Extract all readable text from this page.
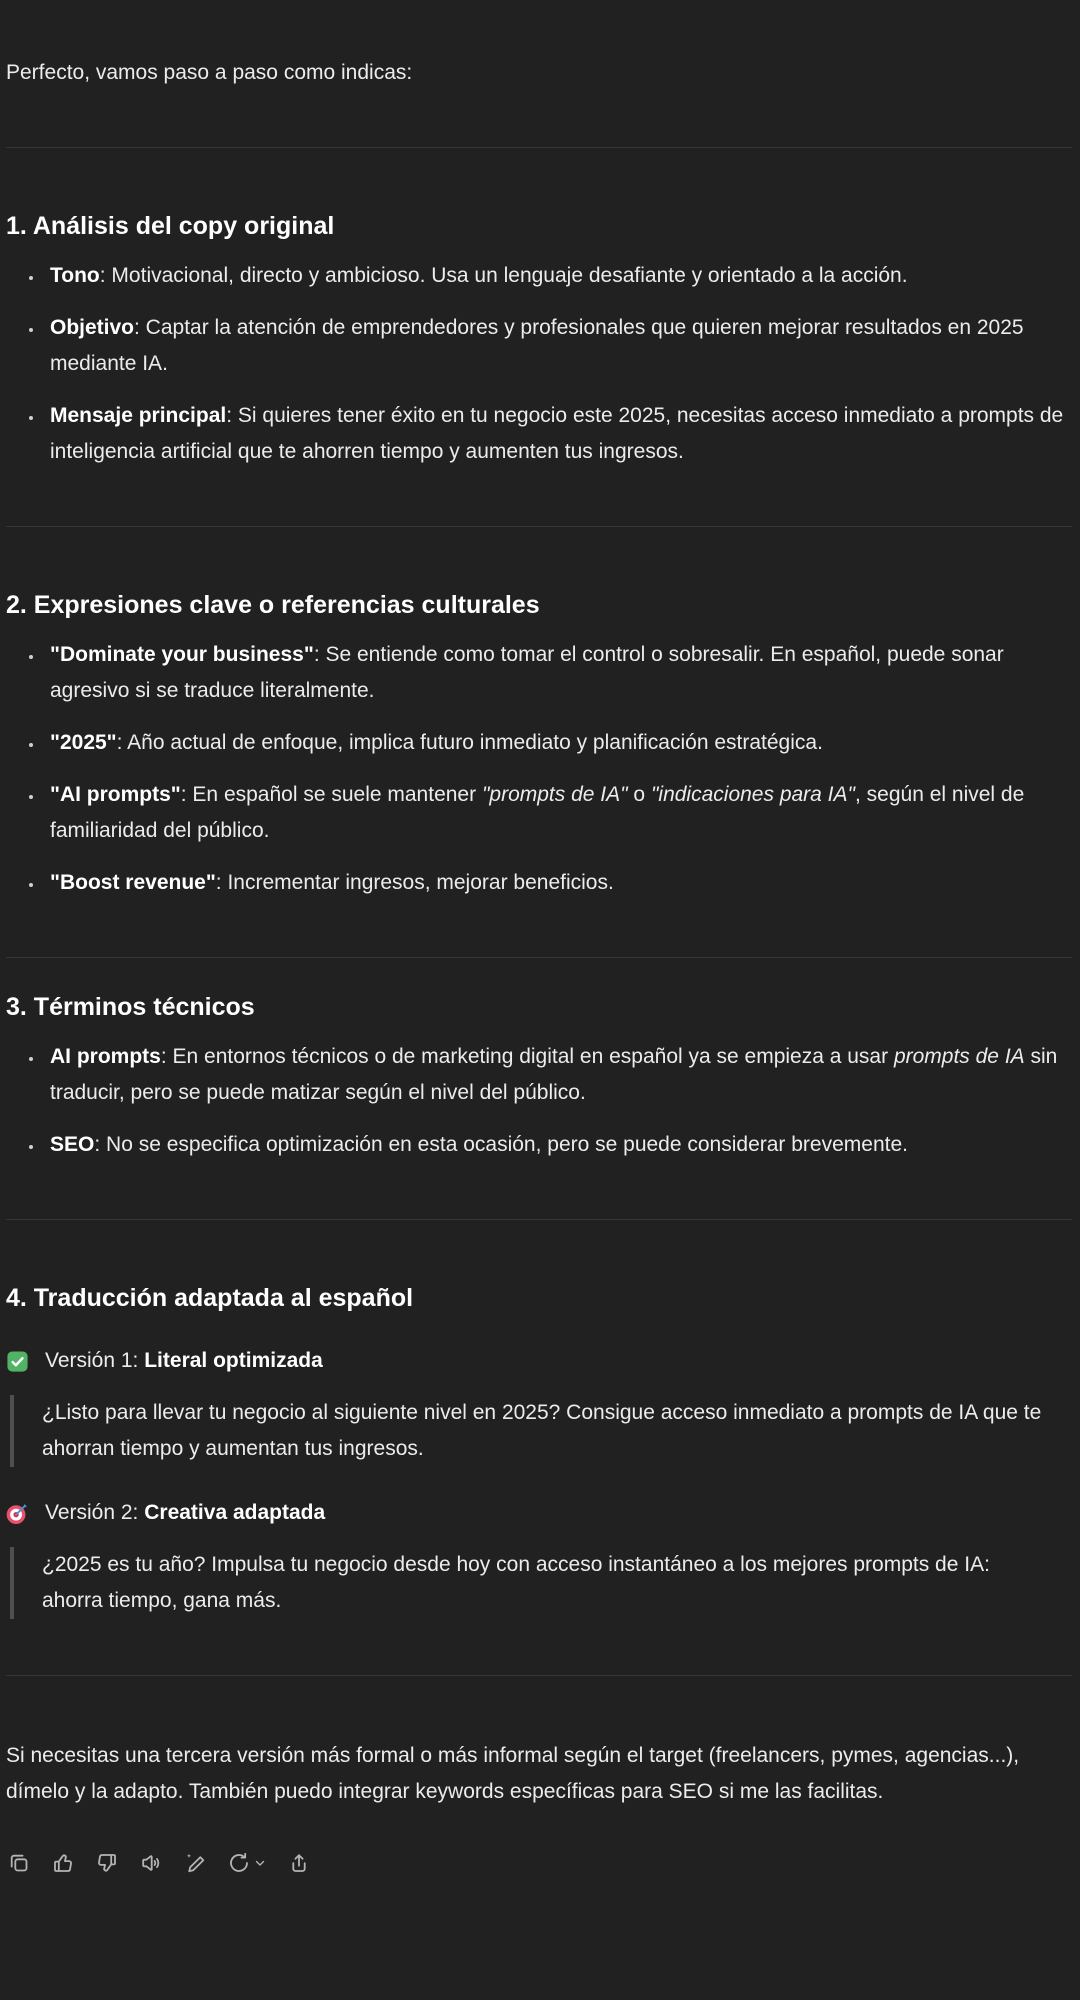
Perfecto, vamos paso a paso como indicas:

1. Análisis del copy original
• Tono: Motivacional, directo y ambicioso. Usa un lenguaje desafiante y orientado a la acción.
• Objetivo: Captar la atención de emprendedores y profesionales que quieren mejorar resultados en 2025 mediante IA.
• Mensaje principal: Si quieres tener éxito en tu negocio este 2025, necesitas acceso inmediato a prompts de inteligencia artificial que te ahorren tiempo y aumenten tus ingresos.
2. Expresiones clave o referencias culturales
• "Dominate your business": Se entiende como tomar el control o sobresalir. En español, puede sonar agresivo si se traduce literalmente.
• "2025": Año actual de enfoque, implica futuro inmediato y planificación estratégica.
• "AI prompts": En español se suele mantener "prompts de IA" o "indicaciones para IA", según el nivel de familiaridad del público.
• "Boost revenue": Incrementar ingresos, mejorar beneficios.
3. Términos técnicos
• AI prompts: En entornos técnicos o de marketing digital en español ya se empieza a usar prompts de IA sin traducir, pero se puede matizar según el nivel del público.
• SEO: No se especifica optimización en esta ocasión, pero se puede considerar brevemente.
4. Traducción adaptada al español

Versión 1: Literal optimizada

¿Listo para llevar tu negocio al siguiente nivel en 2025? Consigue acceso inmediato a prompts de IA que te ahorran tiempo y aumentan tus ingresos.

Versión 2: Creativa adaptada

¿2025 es tu año? Impulsa tu negocio desde hoy con acceso instantáneo a los mejores prompts de IA: ahorra tiempo, gana más.

Si necesitas una tercera versión más formal o más informal según el target (freelancers, pymes, agencias...), dímelo y la adapto. También puedo integrar keywords específicas para SEO si me las facilitas.
